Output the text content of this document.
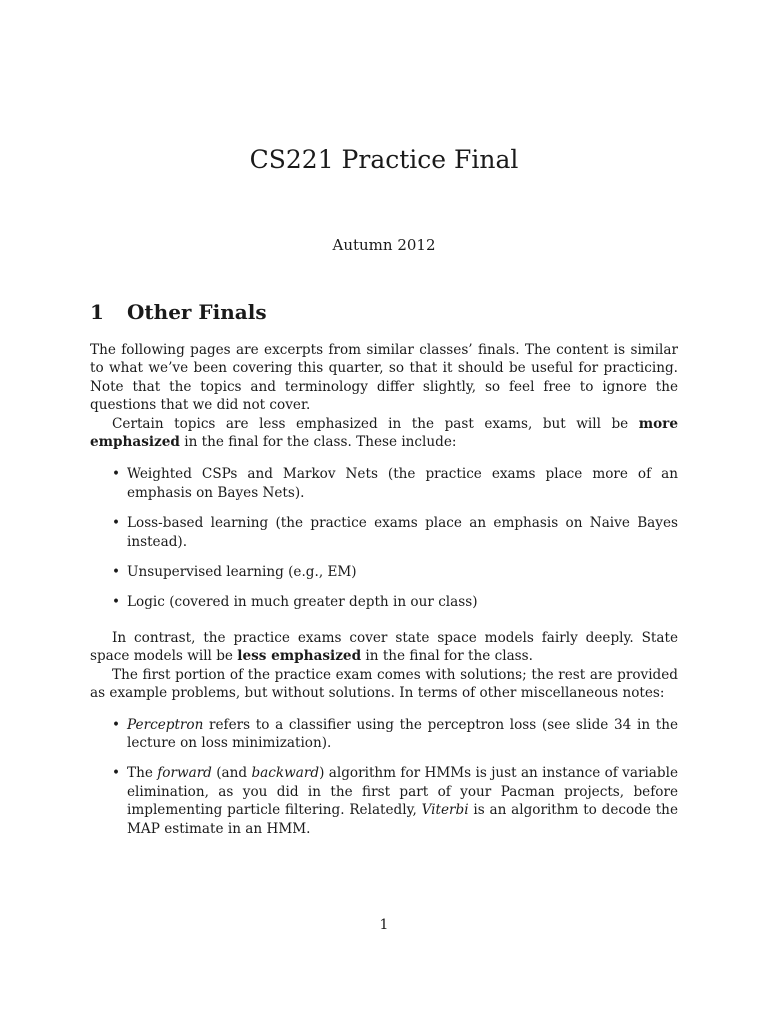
CS221 Practice Final
Autumn 2012
1 Other Finals

The following pages are excerpts from similar classes’ finals. The content is similar to what we’ve been covering this quarter, so that it should be useful for practicing. Note that the topics and terminology differ slightly, so feel free to ignore the questions that we did not cover.

Certain topics are less emphasized in the past exams, but will be more emphasized in the final for the class. These include:

• Weighted CSPs and Markov Nets (the practice exams place more of an emphasis on Bayes Nets).
• Loss-based learning (the practice exams place an emphasis on Naive Bayes instead).
• Unsupervised learning (e.g., EM)
• Logic (covered in much greater depth in our class)

In contrast, the practice exams cover state space models fairly deeply. State space models will be less emphasized in the final for the class.

The first portion of the practice exam comes with solutions; the rest are provided as example problems, but without solutions. In terms of other miscellaneous notes:

• Perceptron refers to a classifier using the perceptron loss (see slide 34 in the lecture on loss minimization).
• The forward (and backward) algorithm for HMMs is just an instance of variable elimination, as you did in the first part of your Pacman projects, before implementing particle filtering. Relatedly, Viterbi is an algorithm to decode the MAP estimate in an HMM.
1
